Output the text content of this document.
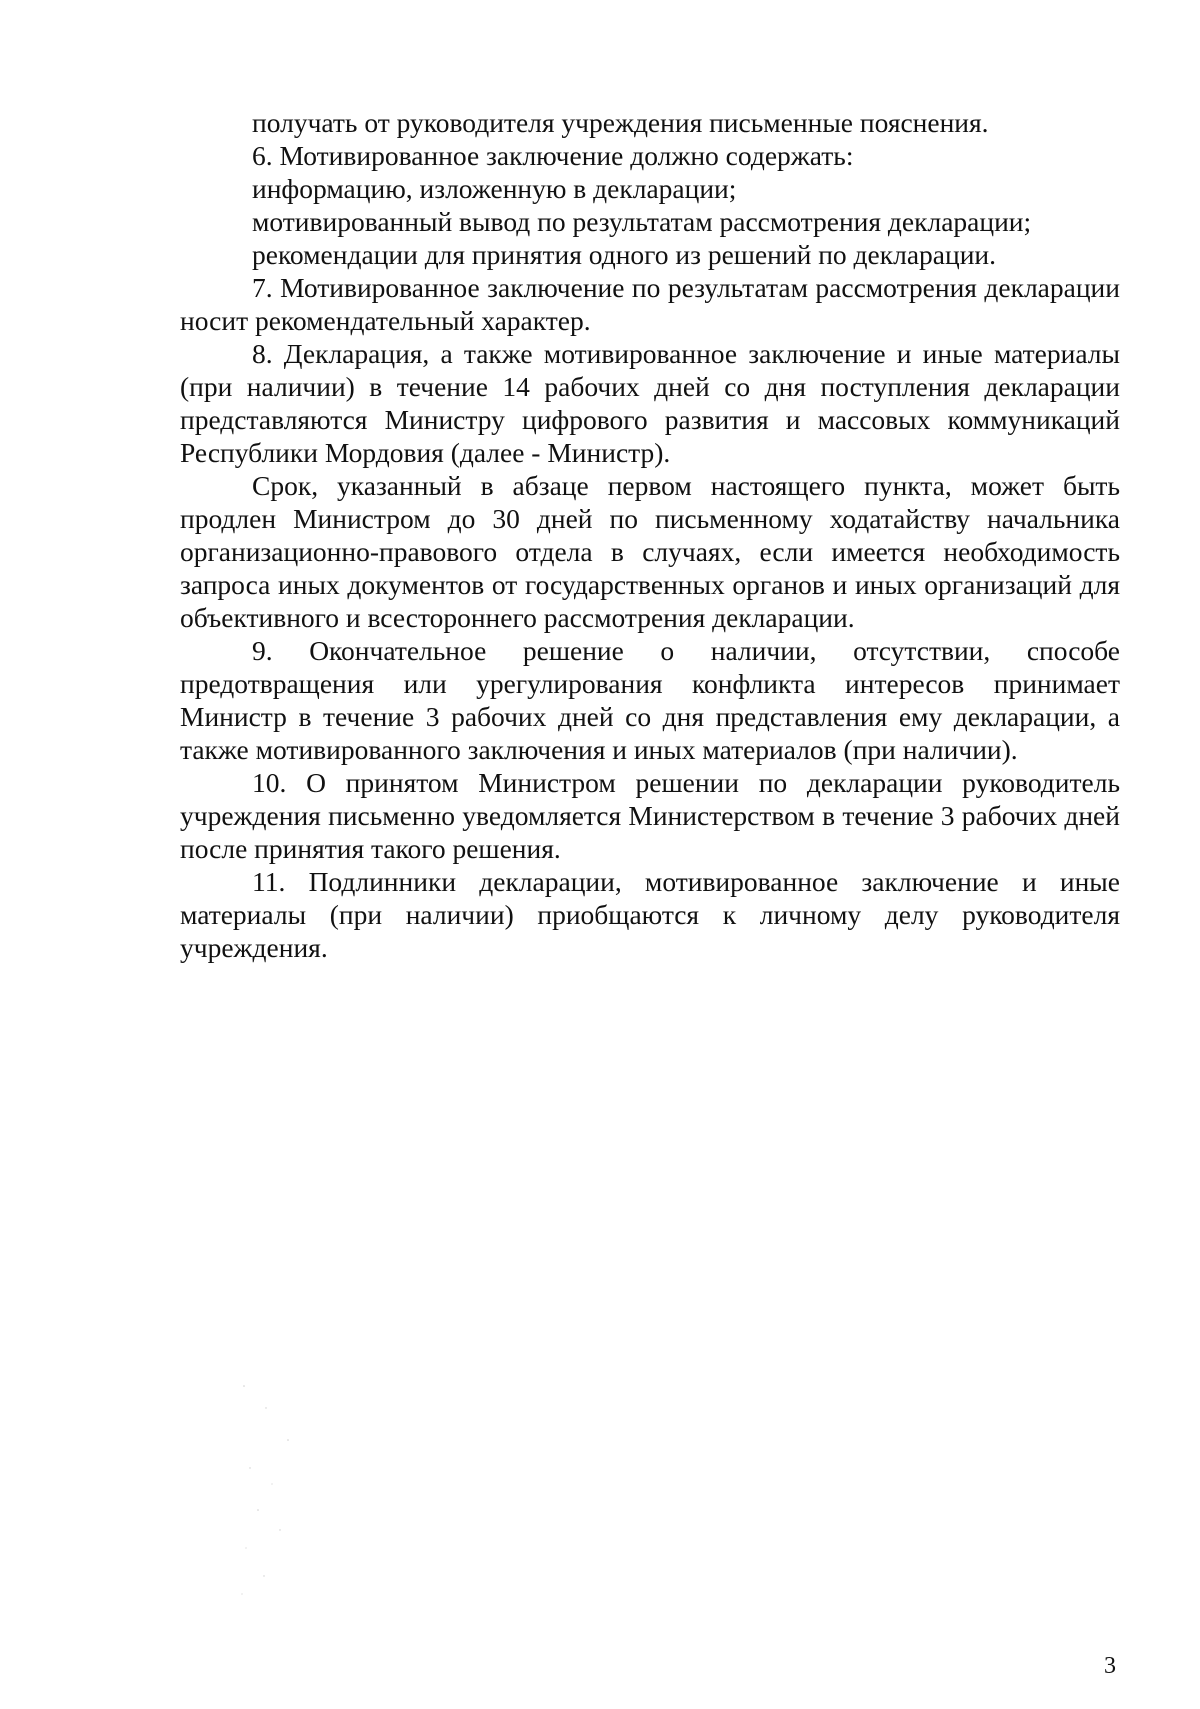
получать от руководителя учреждения письменные пояснения.

6. Мотивированное заключение должно содержать:

информацию, изложенную в декларации;

мотивированный вывод по результатам рассмотрения декларации;

рекомендации для принятия одного из решений по декларации.

7. Мотивированное заключение по результатам рассмотрения декларации носит рекомендательный характер.

8. Декларация, а также мотивированное заключение и иные материалы (при наличии) в течение 14 рабочих дней со дня поступления декларации представляются Министру цифрового развития и массовых коммуникаций Республики Мордовия (далее - Министр).

Срок, указанный в абзаце первом настоящего пункта, может быть продлен Министром до 30 дней по письменному ходатайству начальника организационно-правового отдела в случаях, если имеется необходимость запроса иных документов от государственных органов и иных организаций для объективного и всестороннего рассмотрения декларации.

9. Окончательное решение о наличии, отсутствии, способе предотвращения или урегулирования конфликта интересов принимает Министр в течение 3 рабочих дней со дня представления ему декларации, а также мотивированного заключения и иных материалов (при наличии).

10. О принятом Министром решении по декларации руководитель учреждения письменно уведомляется Министерством в течение 3 рабочих дней после принятия такого решения.

11. Подлинники декларации, мотивированное заключение и иные материалы (при наличии) приобщаются к личному делу руководителя учреждения.

3
